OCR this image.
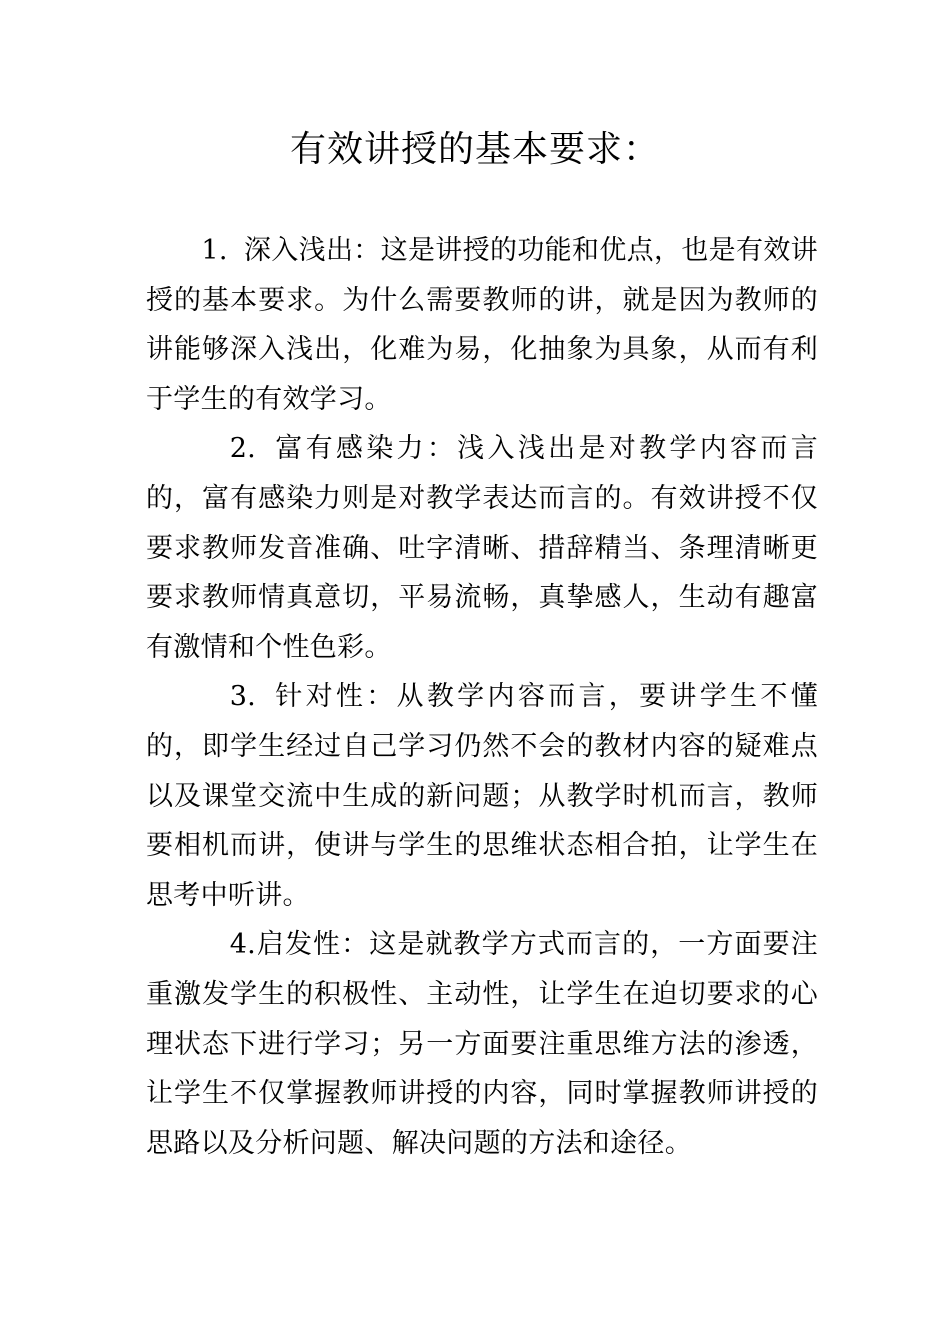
有效讲授的基本要求：

1. 深入浅出：这是讲授的功能和优点，也是有效讲授的基本要求。为什么需要教师的讲，就是因为教师的讲能够深入浅出，化难为易，化抽象为具象，从而有利于学生的有效学习。

2. 富有感染力：浅入浅出是对教学内容而言的，富有感染力则是对教学表达而言的。有效讲授不仅要求教师发音准确、吐字清晰、措辞精当、条理清晰更要求教师情真意切，平易流畅，真挚感人，生动有趣富有激情和个性色彩。

3. 针对性：从教学内容而言，要讲学生不懂的，即学生经过自己学习仍然不会的教材内容的疑难点以及课堂交流中生成的新问题；从教学时机而言，教师要相机而讲，使讲与学生的思维状态相合拍，让学生在思考中听讲。

4.启发性：这是就教学方式而言的，一方面要注重激发学生的积极性、主动性，让学生在迫切要求的心理状态下进行学习；另一方面要注重思维方法的渗透，让学生不仅掌握教师讲授的内容，同时掌握教师讲授的思路以及分析问题、解决问题的方法和途径。
